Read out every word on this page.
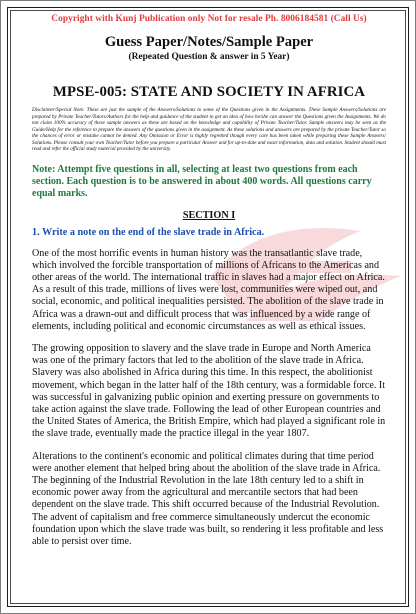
Copyright with Kunj Publication only Not for resale Ph. 8006184581 (Call Us)
Guess Paper/Notes/Sample Paper
(Repeated Question & answer in 5 Year)
MPSE-005: STATE AND SOCIETY IN AFRICA
Disclaimer/Special Note: These are just the sample of the Answers/Solutions to some of the Questions given in the Assignments. These Sample Answers/Solutions are prepared by Private Teacher/Tutors/Authors for the help and guidance of the student to get an idea of how he/she can answer the Questions given the Assignments. We do not claim 100% accuracy of these sample answers as these are based on the knowledge and capability of Private Teacher/Tutor. Sample answers may be seen as the Guide/Help for the reference to prepare the answers of the questions given in the assignment. As these solutions and answers are prepared by the private Teacher/Tutor so the chances of error or mistake cannot be denied. Any Omission or Error is highly regretted though every care has been taken while preparing these Sample Answers/ Solutions. Please consult your own Teacher/Tutor before you prepare a particular Answer and for up-to-date and exact information, data and solution. Student should must read and refer the official study material provided by the university.
Note: Attempt five questions in all, selecting at least two questions from each section. Each question is to be answered in about 400 words. All questions carry equal marks.
SECTION I
1. Write a note on the end of the slave trade in Africa.
One of the most horrific events in human history was the transatlantic slave trade, which involved the forcible transportation of millions of Africans to the Americas and other areas of the world. The international traffic in slaves had a major effect on Africa. As a result of this trade, millions of lives were lost, communities were wiped out, and social, economic, and political inequalities persisted. The abolition of the slave trade in Africa was a drawn-out and difficult process that was influenced by a wide range of elements, including political and economic circumstances as well as ethical issues.
The growing opposition to slavery and the slave trade in Europe and North America was one of the primary factors that led to the abolition of the slave trade in Africa. Slavery was also abolished in Africa during this time. In this respect, the abolitionist movement, which began in the latter half of the 18th century, was a formidable force. It was successful in galvanizing public opinion and exerting pressure on governments to take action against the slave trade. Following the lead of other European countries and the United States of America, the British Empire, which had played a significant role in the slave trade, eventually made the practice illegal in the year 1807.
Alterations to the continent's economic and political climates during that time period were another element that helped bring about the abolition of the slave trade in Africa. The beginning of the Industrial Revolution in the late 18th century led to a shift in economic power away from the agricultural and mercantile sectors that had been dependent on the slave trade. This shift occurred because of the Industrial Revolution. The advent of capitalism and free commerce simultaneously undercut the economic foundation upon which the slave trade was built, so rendering it less profitable and less able to persist over time.
